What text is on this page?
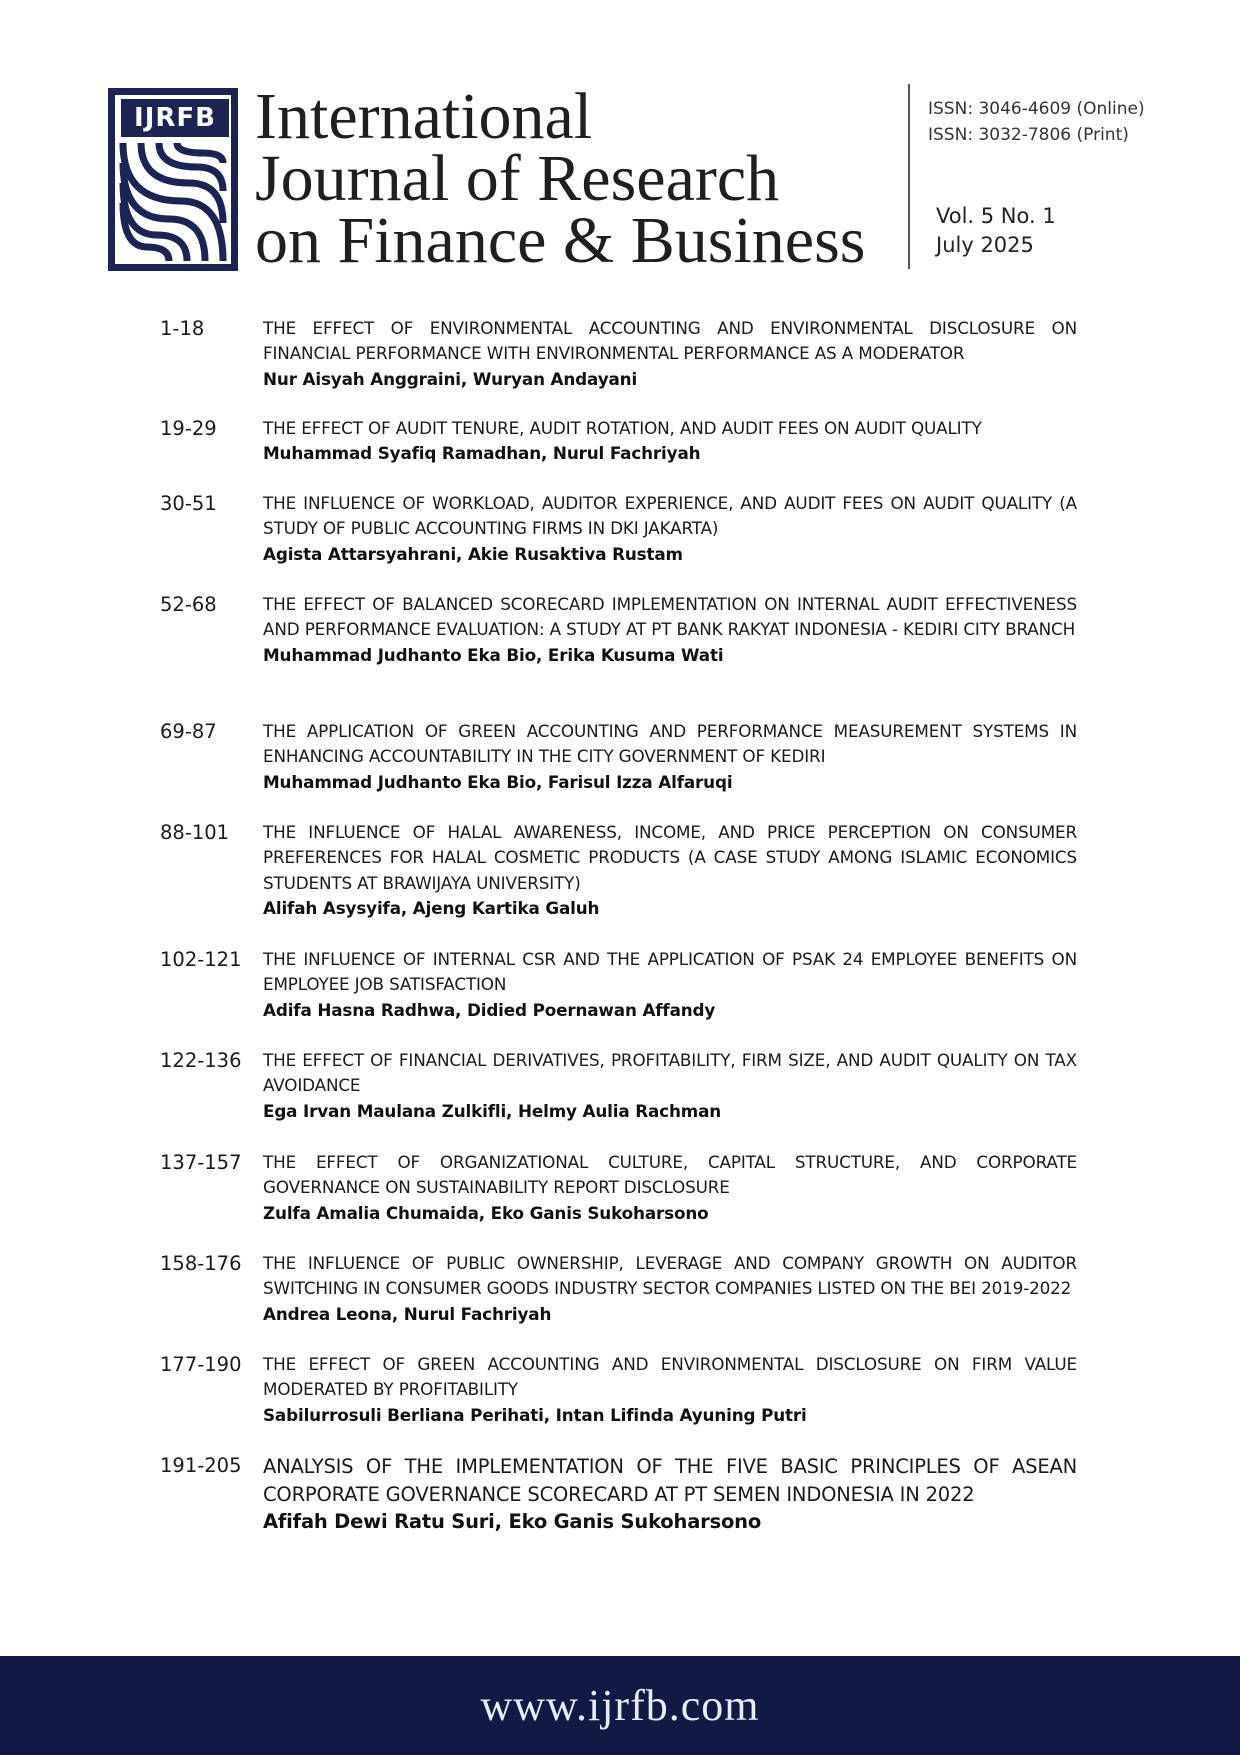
IJRFB International
Journal of Research
on Finance & Business
ISSN: 3046-4609 (Online)
ISSN: 3032-7806 (Print)
Vol. 5 No. 1
July 2025
1-18	THE EFFECT OF ENVIRONMENTAL ACCOUNTING AND ENVIRONMENTAL DISCLOSURE ON FINANCIAL PERFORMANCE WITH ENVIRONMENTAL PERFORMANCE AS A MODERATOR
Nur Aisyah Anggraini, Wuryan Andayani
19-29	THE EFFECT OF AUDIT TENURE, AUDIT ROTATION, AND AUDIT FEES ON AUDIT QUALITY
Muhammad Syafiq Ramadhan, Nurul Fachriyah
30-51	THE INFLUENCE OF WORKLOAD, AUDITOR EXPERIENCE, AND AUDIT FEES ON AUDIT QUALITY (A STUDY OF PUBLIC ACCOUNTING FIRMS IN DKI JAKARTA)
Agista Attarsyahrani, Akie Rusaktiva Rustam
52-68	THE EFFECT OF BALANCED SCORECARD IMPLEMENTATION ON INTERNAL AUDIT EFFECTIVENESS AND PERFORMANCE EVALUATION: A STUDY AT PT BANK RAKYAT INDONESIA - KEDIRI CITY BRANCH
Muhammad Judhanto Eka Bio, Erika Kusuma Wati
69-87	THE APPLICATION OF GREEN ACCOUNTING AND PERFORMANCE MEASUREMENT SYSTEMS IN ENHANCING ACCOUNTABILITY IN THE CITY GOVERNMENT OF KEDIRI
Muhammad Judhanto Eka Bio, Farisul Izza Alfaruqi
88-101	THE INFLUENCE OF HALAL AWARENESS, INCOME, AND PRICE PERCEPTION ON CONSUMER PREFERENCES FOR HALAL COSMETIC PRODUCTS (A CASE STUDY AMONG ISLAMIC ECONOMICS STUDENTS AT BRAWIJAYA UNIVERSITY)
Alifah Asysyifa, Ajeng Kartika Galuh
102-121	THE INFLUENCE OF INTERNAL CSR AND THE APPLICATION OF PSAK 24 EMPLOYEE BENEFITS ON EMPLOYEE JOB SATISFACTION
Adifa Hasna Radhwa, Didied Poernawan Affandy
122-136	THE EFFECT OF FINANCIAL DERIVATIVES, PROFITABILITY, FIRM SIZE, AND AUDIT QUALITY ON TAX AVOIDANCE
Ega Irvan Maulana Zulkifli, Helmy Aulia Rachman
137-157	THE EFFECT OF ORGANIZATIONAL CULTURE, CAPITAL STRUCTURE, AND CORPORATE GOVERNANCE ON SUSTAINABILITY REPORT DISCLOSURE
Zulfa Amalia Chumaida, Eko Ganis Sukoharsono
158-176	THE INFLUENCE OF PUBLIC OWNERSHIP, LEVERAGE AND COMPANY GROWTH ON AUDITOR SWITCHING IN CONSUMER GOODS INDUSTRY SECTOR COMPANIES LISTED ON THE BEI 2019-2022
Andrea Leona, Nurul Fachriyah
177-190	THE EFFECT OF GREEN ACCOUNTING AND ENVIRONMENTAL DISCLOSURE ON FIRM VALUE MODERATED BY PROFITABILITY
Sabilurrosuli Berliana Perihati, Intan Lifinda Ayuning Putri
191-205	ANALYSIS OF THE IMPLEMENTATION OF THE FIVE BASIC PRINCIPLES OF ASEAN CORPORATE GOVERNANCE SCORECARD AT PT SEMEN INDONESIA IN 2022
Afifah Dewi Ratu Suri, Eko Ganis Sukoharsono
www.ijrfb.com
